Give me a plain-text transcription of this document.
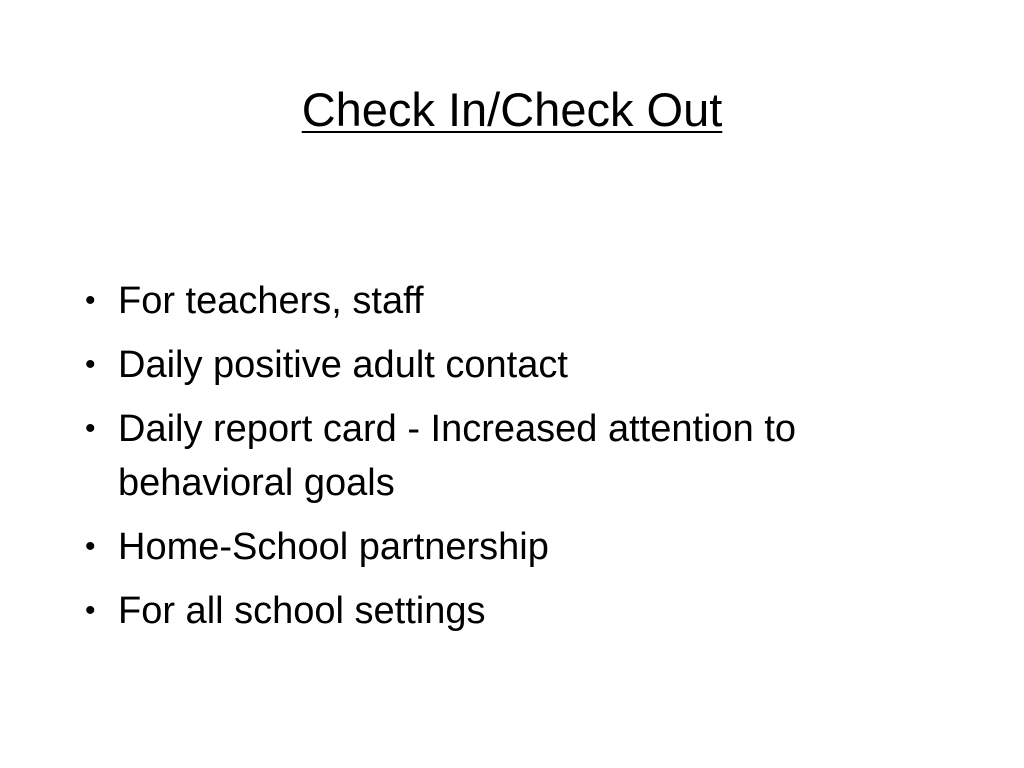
Check In/Check Out
• For teachers, staff
• Daily positive adult contact
• Daily report card - Increased attention to behavioral goals
• Home-School partnership
• For all school settings
